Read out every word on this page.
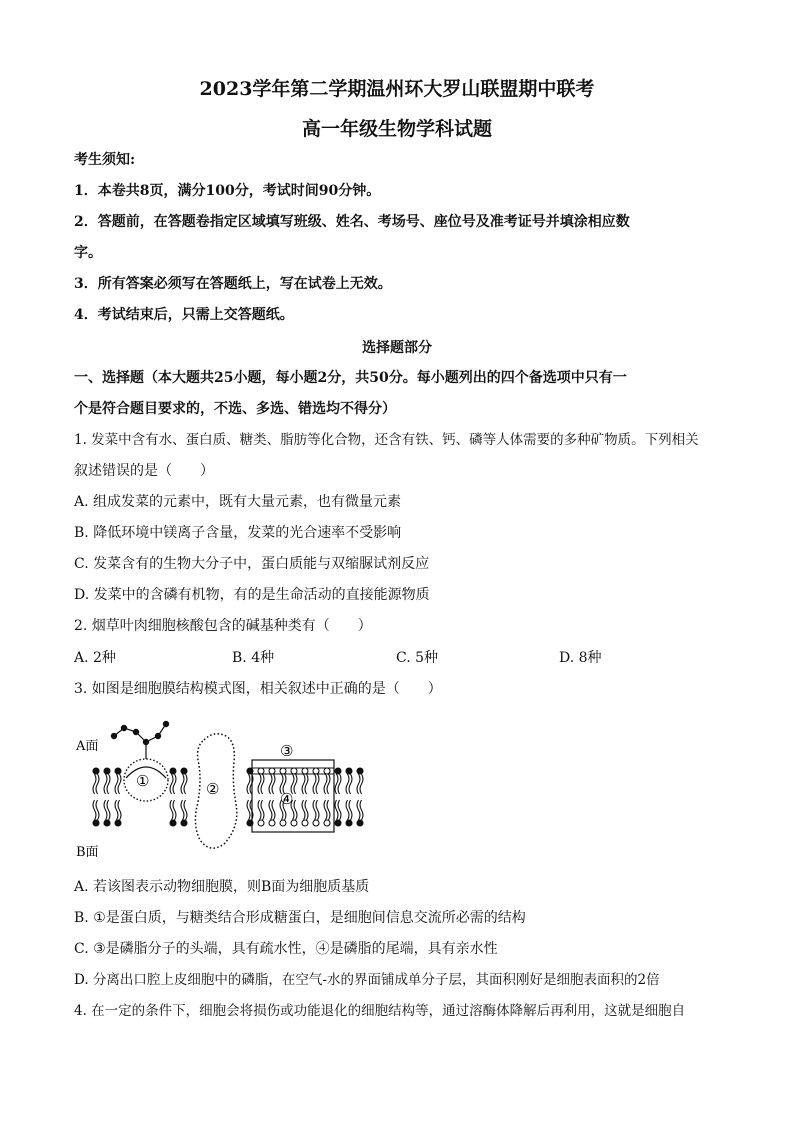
2023学年第二学期温州环大罗山联盟期中联考
高一年级生物学科试题
考生须知:
1．本卷共8页，满分100分，考试时间90分钟。
2．答题前，在答题卷指定区域填写班级、姓名、考场号、座位号及准考证号并填涂相应数
字。
3．所有答案必须写在答题纸上，写在试卷上无效。
4．考试结束后，只需上交答题纸。
选择题部分
一、选择题（本大题共25小题，每小题2分，共50分。每小题列出的四个备选项中只有一
个是符合题目要求的，不选、多选、错选均不得分）
1. 发菜中含有水、蛋白质、糖类、脂肪等化合物，还含有铁、钙、磷等人体需要的多种矿物质。下列相关
叙述错误的是（　　）
A. 组成发菜的元素中，既有大量元素，也有微量元素
B. 降低环境中镁离子含量，发菜的光合速率不受影响
C. 发菜含有的生物大分子中，蛋白质能与双缩脲试剂反应
D. 发菜中的含磷有机物，有的是生命活动的直接能源物质
2. 烟草叶肉细胞核酸包含的碱基种类有（　　）
A. 2种	B. 4种	C. 5种	D. 8种
3. 如图是细胞膜结构模式图，相关叙述中正确的是（　　）
A面
B面
①	②
③
④
A. 若该图表示动物细胞膜，则B面为细胞质基质
B. ①是蛋白质，与糖类结合形成糖蛋白，是细胞间信息交流所必需的结构
C. ③是磷脂分子的头端，具有疏水性，④是磷脂的尾端，具有亲水性
D. 分离出口腔上皮细胞中的磷脂，在空气-水的界面铺成单分子层，其面积刚好是细胞表面积的2倍
4. 在一定的条件下，细胞会将损伤或功能退化的细胞结构等，通过溶酶体降解后再利用，这就是细胞自
